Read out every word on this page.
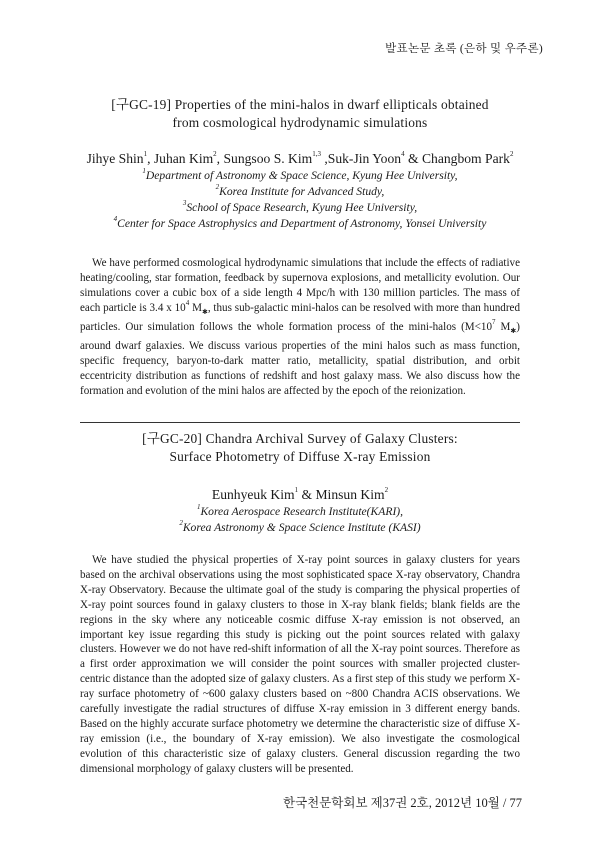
발표논문 초록 (은하 및 우주론)
[구GC-19] Properties of the mini-halos in dwarf ellipticals obtained
from cosmological hydrodynamic simulations
Jihye Shin$^1$, Juhan Kim$^2$, Sungsoo S. Kim$^{1,3}$ ,Suk-Jin Yoon$^4$ & Changbom Park$^2$
$^1$Department of Astronomy & Space Science, Kyung Hee University,
$^2$Korea Institute for Advanced Study,
$^3$School of Space Research, Kyung Hee University,
$^4$Center for Space Astrophysics and Department of Astronomy, Yonsei University
We have performed cosmological hydrodynamic simulations that include the effects of radiative heating/cooling, star formation, feedback by supernova explosions, and metallicity evolution. Our simulations cover a cubic box of a side length 4 Mpc/h with 130 million particles. The mass of each particle is 3.4 x $10^4$ $M_✱$, thus sub-galactic mini-halos can be resolved with more than hundred particles. Our simulation follows the whole formation process of the mini-halos ($M<10^7$ $M_✱$) around dwarf galaxies. We discuss various properties of the mini halos such as mass function, specific frequency, baryon-to-dark matter ratio, metallicity, spatial distribution, and orbit eccentricity distribution as functions of redshift and host galaxy mass. We also discuss how the formation and evolution of the mini halos are affected by the epoch of the reionization.
[구GC-20] Chandra Archival Survey of Galaxy Clusters:
Surface Photometry of Diffuse X-ray Emission
Eunhyeuk Kim$^1$ & Minsun Kim$^2$
$^1$Korea Aerospace Research Institute(KARI),
$^2$Korea Astronomy & Space Science Institute (KASI)
We have studied the physical properties of X-ray point sources in galaxy clusters for years based on the archival observations using the most sophisticated space X-ray observatory, Chandra X-ray Observatory. Because the ultimate goal of the study is comparing the physical properties of X-ray point sources found in galaxy clusters to those in X-ray blank fields; blank fields are the regions in the sky where any noticeable cosmic diffuse X-ray emission is not observed, an important key issue regarding this study is picking out the point sources related with galaxy clusters. However we do not have red-shift information of all the X-ray point sources. Therefore as a first order approximation we will consider the point sources with smaller projected cluster-centric distance than the adopted size of galaxy clusters. As a first step of this study we perform X-ray surface photometry of ~600 galaxy clusters based on ~800 Chandra ACIS observations. We carefully investigate the radial structures of diffuse X-ray emission in 3 different energy bands. Based on the highly accurate surface photometry we determine the characteristic size of diffuse X-ray emission (i.e., the boundary of X-ray emission). We also investigate the cosmological evolution of this characteristic size of galaxy clusters. General discussion regarding the two dimensional morphology of galaxy clusters will be presented.
한국천문학회보 제37권 2호, 2012년 10월 / 77
